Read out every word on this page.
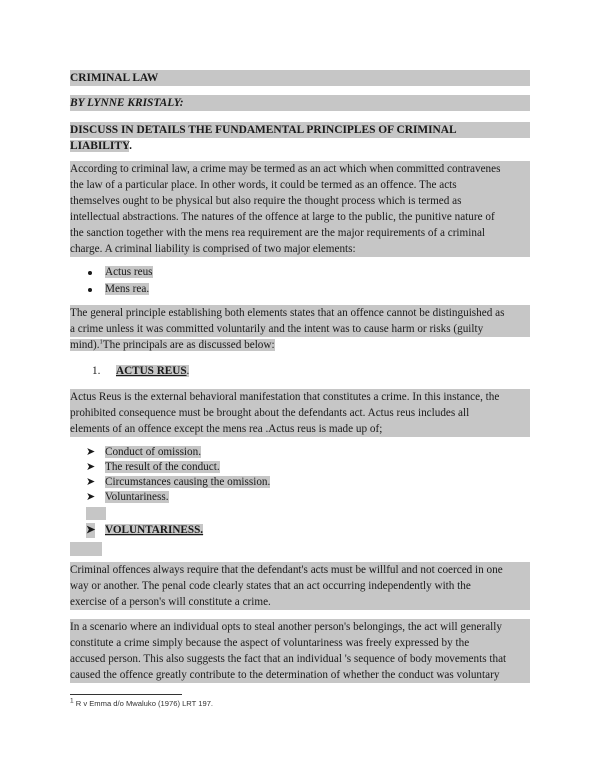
CRIMINAL LAW
BY LYNNE KRISTALY:
DISCUSS IN DETAILS THE FUNDAMENTAL PRINCIPLES OF CRIMINAL
LIABILITY.
According to criminal law, a crime may be termed as an act which when committed contravenes
the law of a particular place. In other words, it could be termed as an offence. The acts
themselves ought to be physical but also require the thought process which is termed as
intellectual abstractions. The natures of the offence at large to the public, the punitive nature of
the sanction together with the mens rea requirement are the major requirements of a criminal
charge. A criminal liability is comprised of two major elements:
Actus reus
Mens rea.
The general principle establishing both elements states that an offence cannot be distinguished as
a crime unless it was committed voluntarily and the intent was to cause harm or risks (guilty
mind).$^1$The principals are as discussed below:
1. ACTUS REUS.
Actus Reus is the external behavioral manifestation that constitutes a crime. In this instance, the
prohibited consequence must be brought about the defendants act. Actus reus includes all
elements of an offence except the mens rea .Actus reus is made up of;
➤ Conduct of omission.
➤ The result of the conduct.
➤ Circumstances causing the omission.
➤ Voluntariness.
➤ VOLUNTARINESS.
Criminal offences always require that the defendant's acts must be willful and not coerced in one
way or another. The penal code clearly states that an act occurring independently with the
exercise of a person's will constitute a crime.
In a scenario where an individual opts to steal another person's belongings, the act will generally
constitute a crime simply because the aspect of voluntariness was freely expressed by the
accused person. This also suggests the fact that an individual 's sequence of body movements that
caused the offence greatly contribute to the determination of whether the conduct was voluntary
$^1$ R v Emma d/o Mwaluko (1976) LRT 197.
